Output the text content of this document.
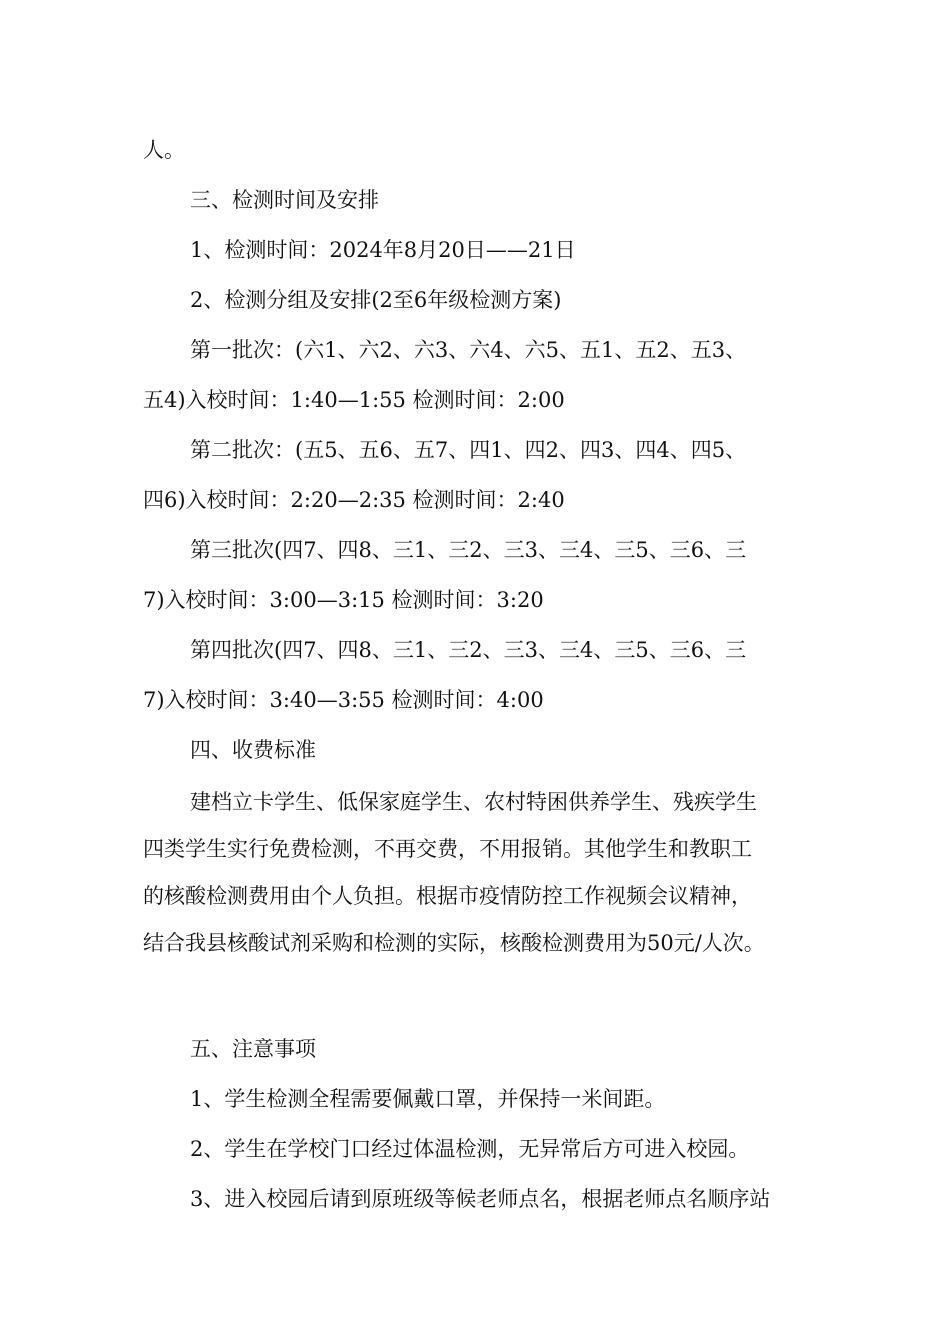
人。
三、检测时间及安排
1、检测时间：2024年8月20日——21日
2、检测分组及安排(2至6年级检测方案)
第一批次：(六1、六2、六3、六4、六5、五1、五2、五3、
五4)入校时间：1:40—1:55 检测时间：2:00
第二批次：(五5、五6、五7、四1、四2、四3、四4、四5、
四6)入校时间：2:20—2:35 检测时间：2:40
第三批次(四7、四8、三1、三2、三3、三4、三5、三6、三
7)入校时间：3:00—3:15 检测时间：3:20
第四批次(四7、四8、三1、三2、三3、三4、三5、三6、三
7)入校时间：3:40—3:55 检测时间：4:00
四、收费标准
建档立卡学生、低保家庭学生、农村特困供养学生、残疾学生
四类学生实行免费检测，不再交费，不用报销。其他学生和教职工
的核酸检测费用由个人负担。根据市疫情防控工作视频会议精神，
结合我县核酸试剂采购和检测的实际，核酸检测费用为50元/人次。
五、注意事项
1、学生检测全程需要佩戴口罩，并保持一米间距。
2、学生在学校门口经过体温检测，无异常后方可进入校园。
3、进入校园后请到原班级等候老师点名，根据老师点名顺序站
